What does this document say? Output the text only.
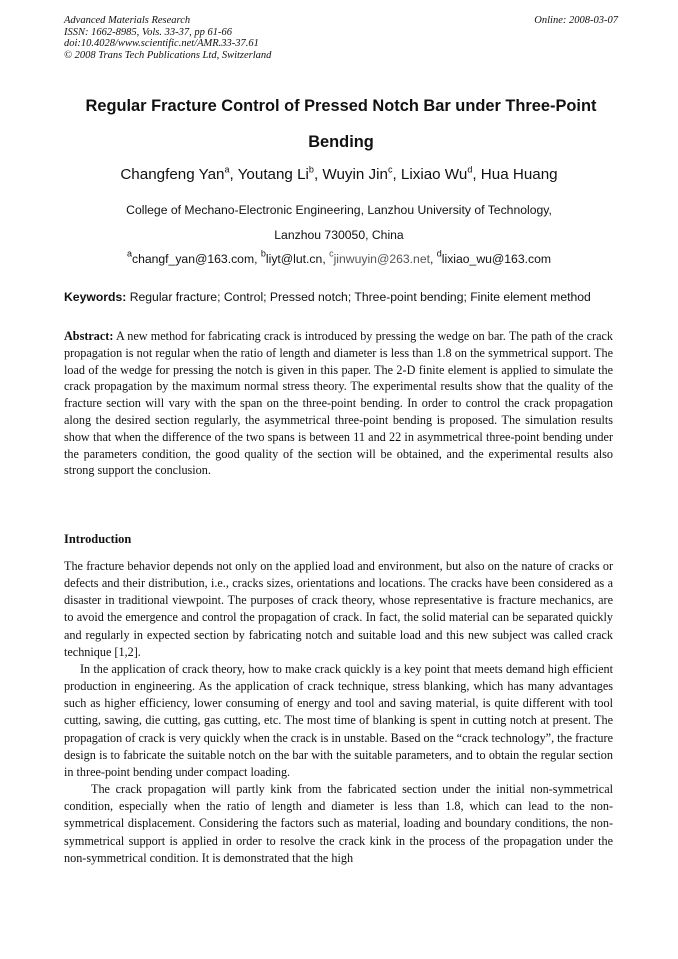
Advanced Materials Research
ISSN: 1662-8985, Vols. 33-37, pp 61-66
doi:10.4028/www.scientific.net/AMR.33-37.61
© 2008 Trans Tech Publications Ltd, Switzerland
Online: 2008-03-07
Regular Fracture Control of Pressed Notch Bar under Three-Point Bending
Changfeng Yan$^a$, Youtang Li$^b$, Wuyin Jin$^c$, Lixiao Wu$^d$, Hua Huang
College of Mechano-Electronic Engineering, Lanzhou University of Technology,
Lanzhou 730050, China
$^a$changf_yan@163.com, $^b$liyt@lut.cn, $^c$jinwuyin@263.net, $^d$lixiao_wu@163.com
Keywords: Regular fracture; Control; Pressed notch; Three-point bending; Finite element method
Abstract: A new method for fabricating crack is introduced by pressing the wedge on bar. The path of the crack propagation is not regular when the ratio of length and diameter is less than 1.8 on the symmetrical support. The load of the wedge for pressing the notch is given in this paper. The 2-D finite element is applied to simulate the crack propagation by the maximum normal stress theory. The experimental results show that the quality of the fracture section will vary with the span on the three-point bending. In order to control the crack propagation along the desired section regularly, the asymmetrical three-point bending is proposed. The simulation results show that when the difference of the two spans is between 11 and 22 in asymmetrical three-point bending under the parameters condition, the good quality of the section will be obtained, and the experimental results also strong support the conclusion.
Introduction

The fracture behavior depends not only on the applied load and environment, but also on the nature of cracks or defects and their distribution, i.e., cracks sizes, orientations and locations. The cracks have been considered as a disaster in traditional viewpoint. The purposes of crack theory, whose representative is fracture mechanics, are to avoid the emergence and control the propagation of crack. In fact, the solid material can be separated quickly and regularly in expected section by fabricating notch and suitable load and this new subject was called crack technique [1,2].

In the application of crack theory, how to make crack quickly is a key point that meets demand high efficient production in engineering. As the application of crack technique, stress blanking, which has many advantages such as higher efficiency, lower consuming of energy and tool and saving material, is quite different with tool cutting, sawing, die cutting, gas cutting, etc. The most time of blanking is spent in cutting notch at present. The propagation of crack is very quickly when the crack is in unstable. Based on the “crack technology”, the fracture design is to fabricate the suitable notch on the bar with the suitable parameters, and to obtain the regular section in three-point bending under compact loading.

The crack propagation will partly kink from the fabricated section under the initial non-symmetrical condition, especially when the ratio of length and diameter is less than 1.8, which can lead to the non-symmetrical displacement. Considering the factors such as material, loading and boundary conditions, the non-symmetrical support is applied in order to resolve the crack kink in the process of the propagation under the non-symmetrical condition. It is demonstrated that the high
